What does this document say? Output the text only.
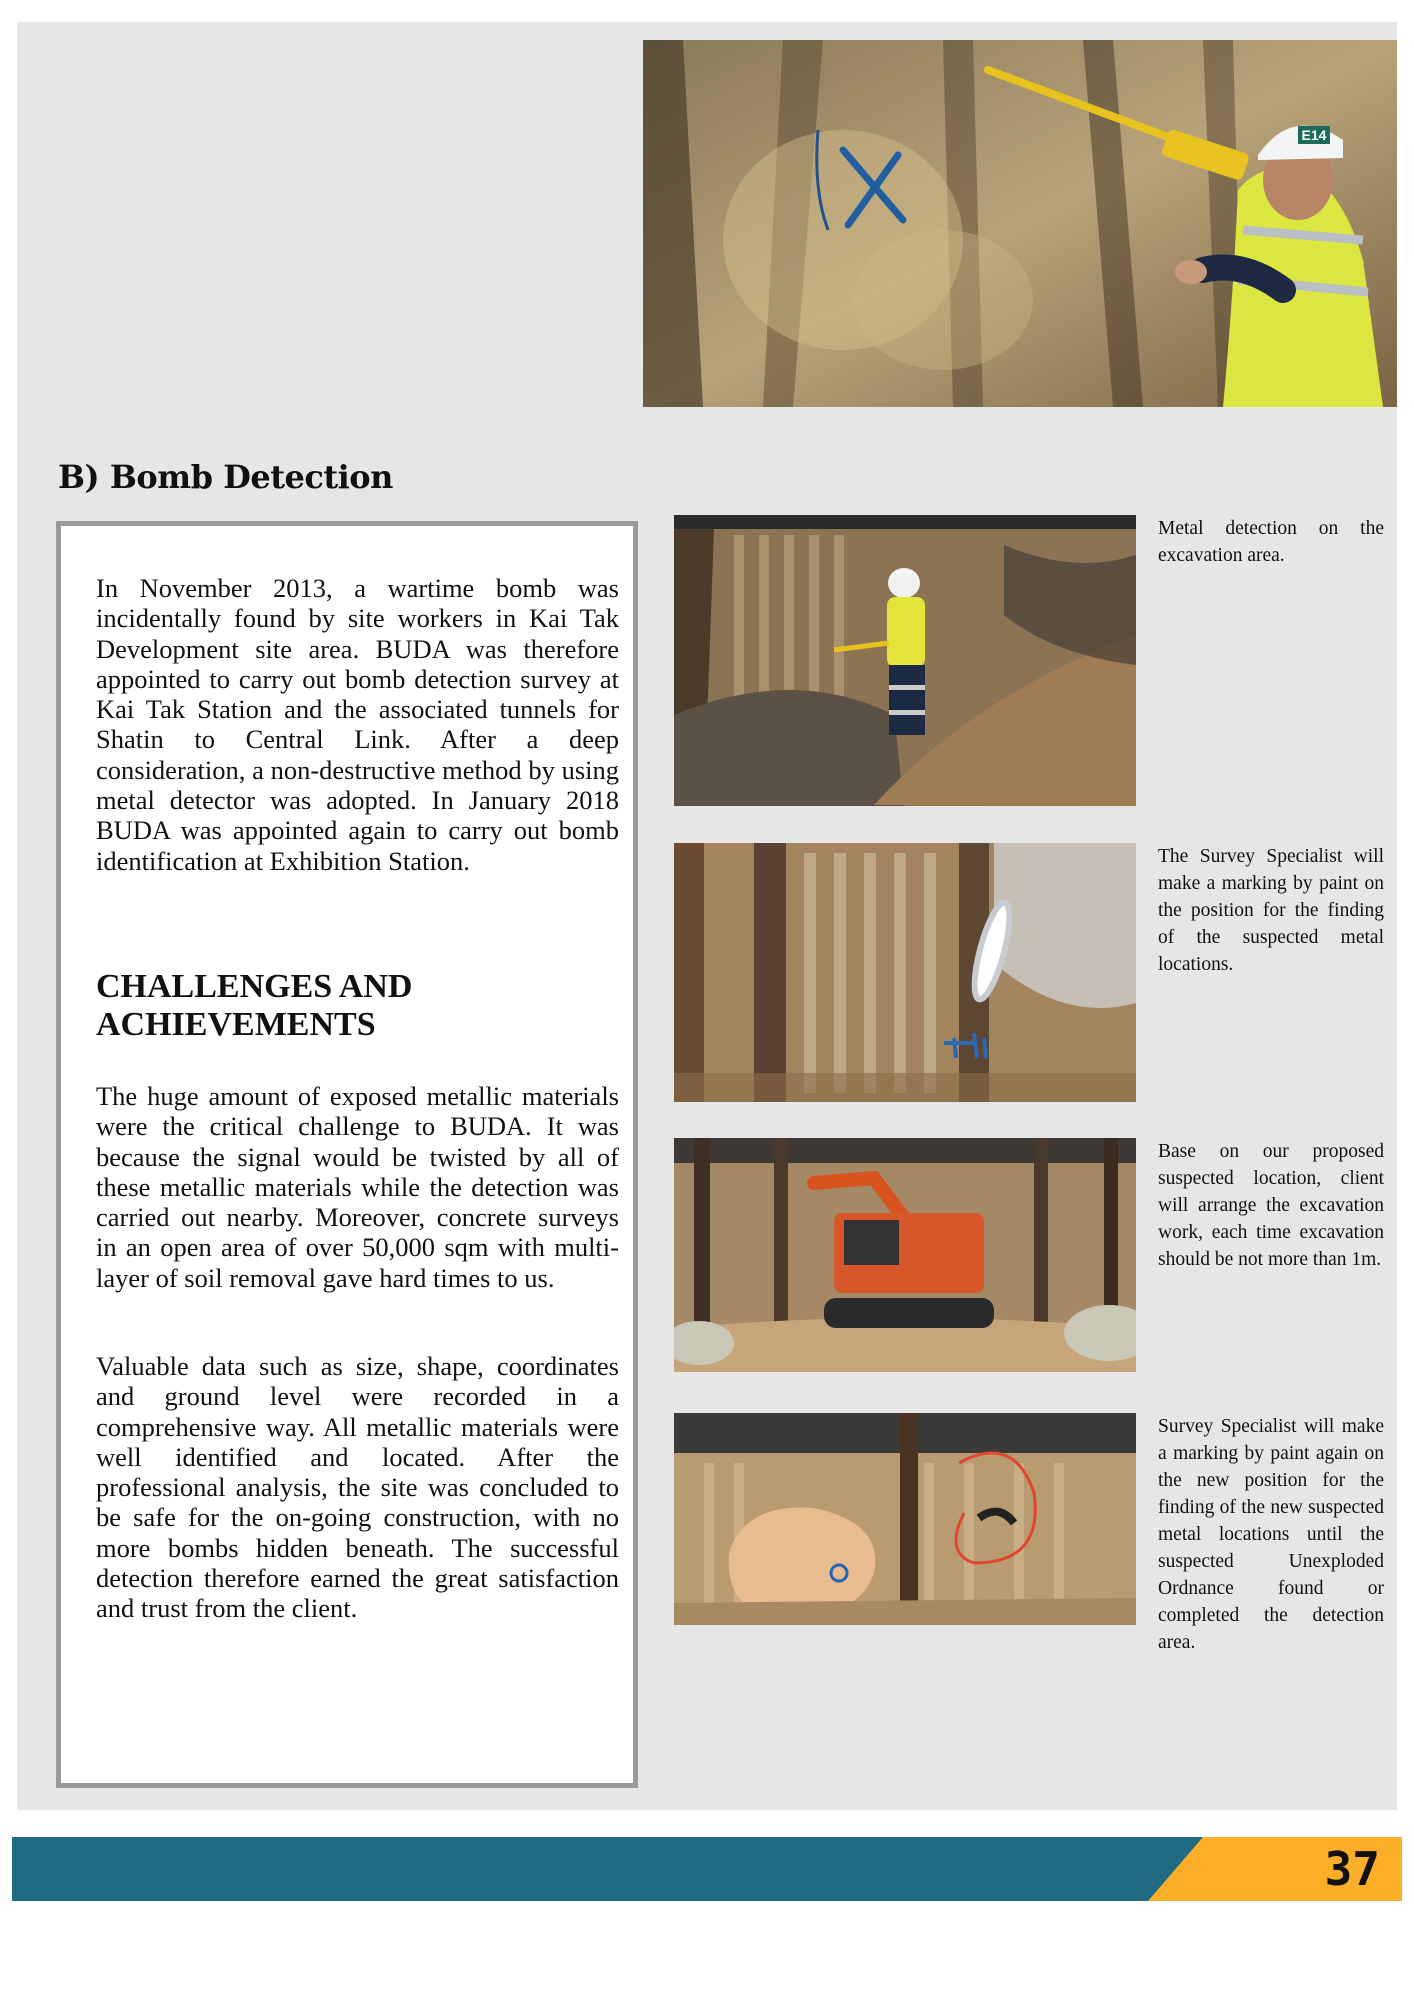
E14
B) Bomb Detection

In November 2013, a wartime bomb was incidentally found by site workers in Kai Tak Development site area. BUDA was therefore appointed to carry out bomb detection survey at Kai Tak Station and the associated tunnels for Shatin to Central Link. After a deep consideration, a non-destructive method by using metal detector was adopted. In January 2018 BUDA was appointed again to carry out bomb identification at Exhibition Station.

CHALLENGES AND
ACHIEVEMENTS

The huge amount of exposed metallic materials were the critical challenge to BUDA. It was because the signal would be twisted by all of these metallic materials while the detection was carried out nearby. Moreover, concrete surveys in an open area of over 50,000 sqm with multi-layer of soil removal gave hard times to us.

Valuable data such as size, shape, coordinates and ground level were recorded in a comprehensive way. All metallic materials were well identified and located. After the professional analysis, the site was concluded to be safe for the on-going construction, with no more bombs hidden beneath. The successful detection therefore earned the great satisfaction and trust from the client.

Metal detection on the excavation area.

The Survey Specialist will make a marking by paint on the position for the finding of the suspected metal locations.

Base on our proposed suspected location, client will arrange the excavation work, each time excavation should be not more than 1m.

Survey Specialist will make a marking by paint again on the new position for the finding of the new suspected metal locations until the suspected Unexploded Ordnance found or completed the detection area.

37
